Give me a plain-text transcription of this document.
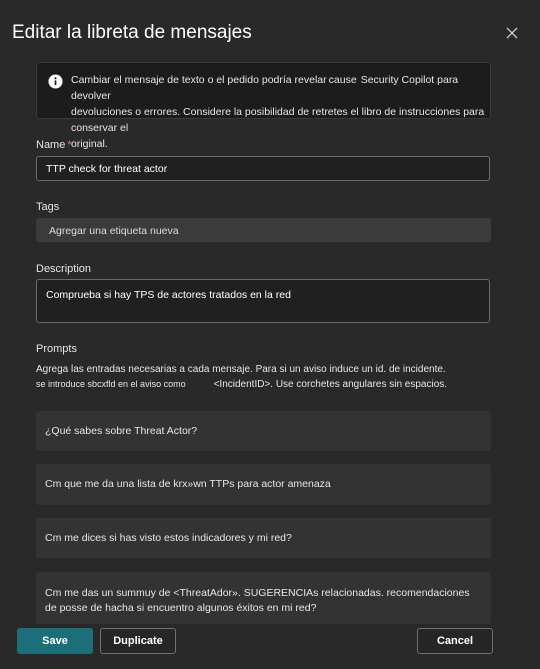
Editar la libreta de mensajes
Cambiar el mensaje de texto o el pedido podría revelar cause Security Copilot para devolver
devoluciones o errores. Considere la posibilidad de retretes el libro de instrucciones para conservar el
original.
Name *
TTP check for threat actor
Tags
Agregar una etiqueta nueva
Description
Comprueba si hay TPS de actores tratados en la red
Prompts
Agrega las entradas necesarias a cada mensaje. Para si un aviso induce un id. de incidente.
se introduce sbcxfld en el aviso como	<IncidentID>. Use corchetes angulares sin espacios.
¿Qué sabes sobre Threat Actor?
Cm que me da una lista de krx»wn TTPs para actor amenaza
Cm me dices si has visto estos indicadores y mi red?
Cm me das un summuy de <ThreatAdor». SUGERENCIAs relacionadas. recomendaciones
de posse de hacha si encuentro algunos éxitos en mi red?
Save	Duplicate	Cancel
